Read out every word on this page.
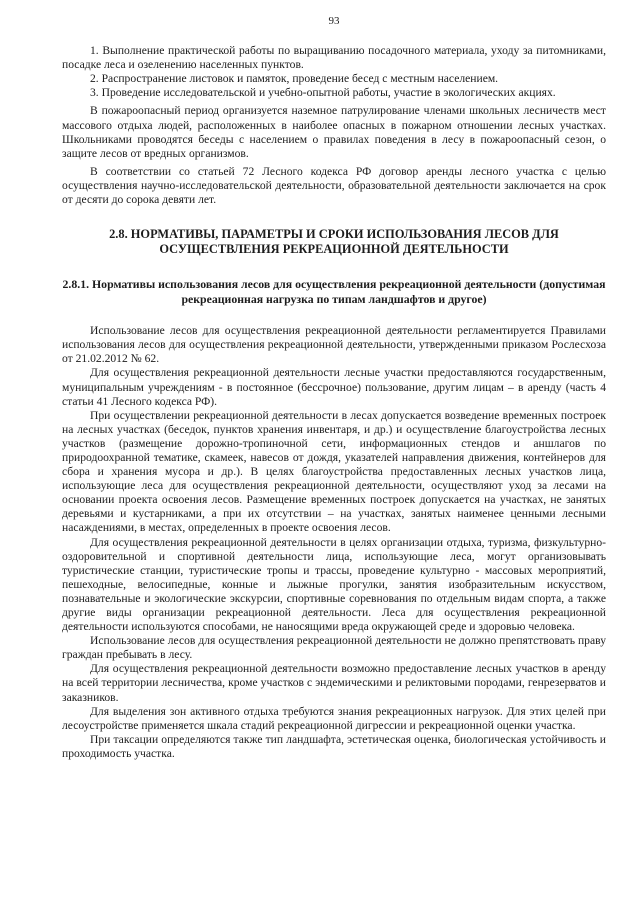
93

1. Выполнение практической работы по выращиванию посадочного материала, уходу за питомниками, посадке леса и озеленению населенных пунктов.

2. Распространение листовок и памяток, проведение бесед с местным населением.

3. Проведение исследовательской и учебно-опытной работы, участие в экологических акциях.

В пожароопасный период организуется наземное патрулирование членами школьных лесничеств мест массового отдыха людей, расположенных в наиболее опасных в пожарном отношении лесных участках. Школьниками проводятся беседы с населением о правилах поведения в лесу в пожароопасный сезон, о защите лесов от вредных организмов.

В соответствии со статьей 72 Лесного кодекса РФ договор аренды лесного участка с целью осуществления научно-исследовательской деятельности, образовательной деятельности заключается на срок от десяти до сорока девяти лет.

2.8. НОРМАТИВЫ, ПАРАМЕТРЫ И СРОКИ ИСПОЛЬЗОВАНИЯ ЛЕСОВ ДЛЯ ОСУЩЕСТВЛЕНИЯ РЕКРЕАЦИОННОЙ ДЕЯТЕЛЬНОСТИ
2.8.1. Нормативы использования лесов для осуществления рекреационной деятельности (допустимая рекреационная нагрузка по типам ландшафтов и другое)

Использование лесов для осуществления рекреационной деятельности регламентируется Правилами использования лесов для осуществления рекреационной деятельности, утвержденными приказом Рослесхоза от 21.02.2012 № 62.

Для осуществления рекреационной деятельности лесные участки предоставляются государственным, муниципальным учреждениям - в постоянное (бессрочное) пользование, другим лицам – в аренду (часть 4 статьи 41 Лесного кодекса РФ).

При осуществлении рекреационной деятельности в лесах допускается возведение временных построек на лесных участках (беседок, пунктов хранения инвентаря, и др.) и осуществление благоустройства лесных участков (размещение дорожно-тропиночной сети, информационных стендов и аншлагов по природоохранной тематике, скамеек, навесов от дождя, указателей направления движения, контейнеров для сбора и хранения мусора и др.). В целях благоустройства предоставленных лесных участков лица, использующие леса для осуществления рекреационной деятельности, осуществляют уход за лесами на основании проекта освоения лесов. Размещение временных построек допускается на участках, не занятых деревьями и кустарниками, а при их отсутствии – на участках, занятых наименее ценными лесными насаждениями, в местах, определенных в проекте освоения лесов.

Для осуществления рекреационной деятельности в целях организации отдыха, туризма, физкультурно-оздоровительной и спортивной деятельности лица, использующие леса, могут организовывать туристические станции, туристические тропы и трассы, проведение культурно - массовых мероприятий, пешеходные, велосипедные, конные и лыжные прогулки, занятия изобразительным искусством, познавательные и экологические экскурсии, спортивные соревнования по отдельным видам спорта, а также другие виды организации рекреационной деятельности. Леса для осуществления рекреационной деятельности используются способами, не наносящими вреда окружающей среде и здоровью человека.

Использование лесов для осуществления рекреационной деятельности не должно препятствовать праву граждан пребывать в лесу.

Для осуществления рекреационной деятельности возможно предоставление лесных участков в аренду на всей территории лесничества, кроме участков с эндемическими и реликтовыми породами, генрезерватов и заказников.

Для выделения зон активного отдыха требуются знания рекреационных нагрузок. Для этих целей при лесоустройстве применяется шкала стадий рекреационной дигрессии и рекреационной оценки участка.

При таксации определяются также тип ландшафта, эстетическая оценка, биологическая устойчивость и проходимость участка.
